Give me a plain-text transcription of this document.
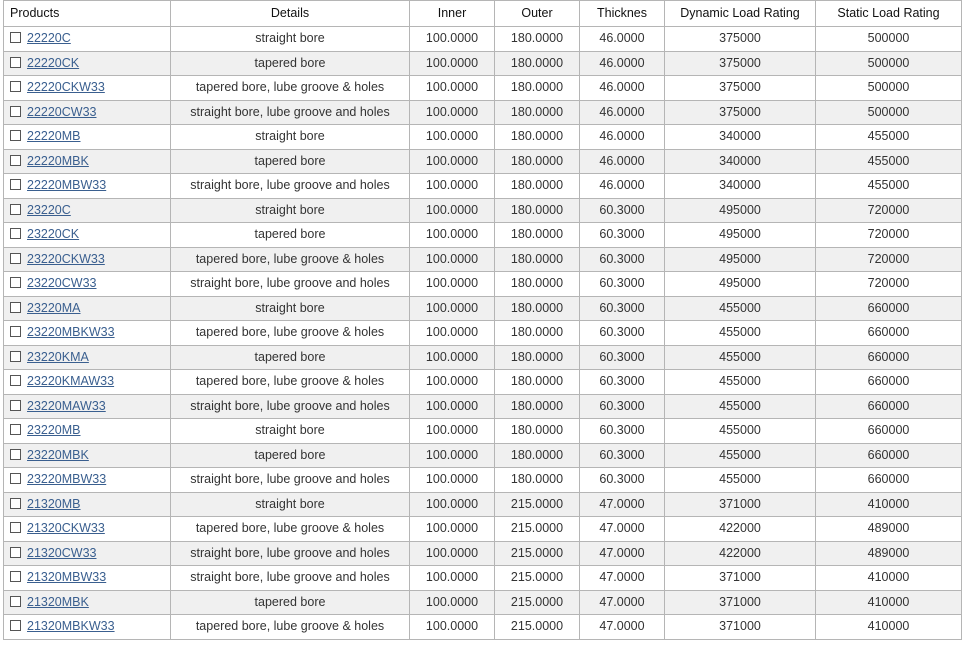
Products	Details	Inner	Outer	Thicknes	Dynamic Load Rating	Static Load Rating
22220C	straight bore	100.0000	180.0000	46.0000	375000	500000
22220CK	tapered bore	100.0000	180.0000	46.0000	375000	500000
22220CKW33	tapered bore, lube groove & holes	100.0000	180.0000	46.0000	375000	500000
22220CW33	straight bore, lube groove and holes	100.0000	180.0000	46.0000	375000	500000
22220MB	straight bore	100.0000	180.0000	46.0000	340000	455000
22220MBK	tapered bore	100.0000	180.0000	46.0000	340000	455000
22220MBW33	straight bore, lube groove and holes	100.0000	180.0000	46.0000	340000	455000
23220C	straight bore	100.0000	180.0000	60.3000	495000	720000
23220CK	tapered bore	100.0000	180.0000	60.3000	495000	720000
23220CKW33	tapered bore, lube groove & holes	100.0000	180.0000	60.3000	495000	720000
23220CW33	straight bore, lube groove and holes	100.0000	180.0000	60.3000	495000	720000
23220MA	straight bore	100.0000	180.0000	60.3000	455000	660000
23220MBKW33	tapered bore, lube groove & holes	100.0000	180.0000	60.3000	455000	660000
23220KMA	tapered bore	100.0000	180.0000	60.3000	455000	660000
23220KMAW33	tapered bore, lube groove & holes	100.0000	180.0000	60.3000	455000	660000
23220MAW33	straight bore, lube groove and holes	100.0000	180.0000	60.3000	455000	660000
23220MB	straight bore	100.0000	180.0000	60.3000	455000	660000
23220MBK	tapered bore	100.0000	180.0000	60.3000	455000	660000
23220MBW33	straight bore, lube groove and holes	100.0000	180.0000	60.3000	455000	660000
21320MB	straight bore	100.0000	215.0000	47.0000	371000	410000
21320CKW33	tapered bore, lube groove & holes	100.0000	215.0000	47.0000	422000	489000
21320CW33	straight bore, lube groove and holes	100.0000	215.0000	47.0000	422000	489000
21320MBW33	straight bore, lube groove and holes	100.0000	215.0000	47.0000	371000	410000
21320MBK	tapered bore	100.0000	215.0000	47.0000	371000	410000
21320MBKW33	tapered bore, lube groove & holes	100.0000	215.0000	47.0000	371000	410000
